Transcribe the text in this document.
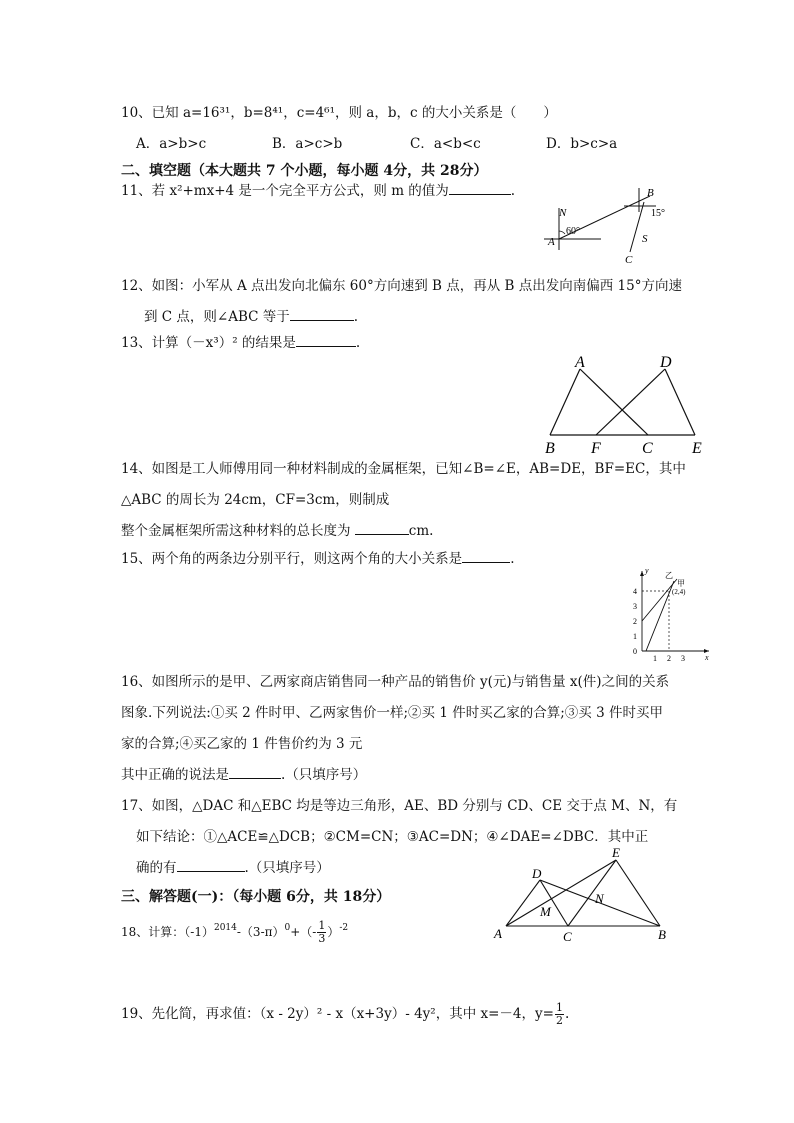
10、已知 a=16³¹，b=8⁴¹，c=4⁶¹，则 a，b，c 的大小关系是（　　）
A．a>b>c	B．a>c>b	C．a<b<c	D．b>c>a
二、填空题（本大题共 7 个小题，每小题 4分，共 28分）
11、若 x²+mx+4 是一个完全平方公式，则 m 的值为	.
N
60°
A
B
15°
S
C
12、如图：小军从 A 点出发向北偏东 60°方向速到 B 点，再从 B 点出发向南偏西 15°方向速
到 C 点，则∠ABC 等于	.
13、计算（－x³）² 的结果是	.
A	D
B F	C E
14、如图是工人师傅用同一种材料制成的金属框架，已知∠B=∠E，AB=DE，BF=EC，其中
△ABC 的周长为 24cm，CF=3cm，则制成
整个金属框架所需这种材料的总长度为	cm.
15、两个角的两条边分别平行，则这两个角的大小关系是	.
y
x
4
3
2
1
0
1 2 3
乙
甲
(2,4)
16、如图所示的是甲、乙两家商店销售同一种产品的销售价 y(元)与销售量 x(件)之间的关系
图象.下列说法:①买 2 件时甲、乙两家售价一样;②买 1 件时买乙家的合算;③买 3 件时买甲
家的合算;④买乙家的 1 件售价约为 3 元
其中正确的说法是	.（只填序号）
17、如图，△DAC 和△EBC 均是等边三角形，AE、BD 分别与 CD、CE 交于点 M、N，有
如下结论：①△ACE≌△DCB；②CM=CN；③AC=DN；④∠DAE=∠DBC．其中正
确的有	.（只填序号）	D
E
N
M
A	C	B
三、解答题(一)：（每小题 6分，共 18分）
18、计算：$(-1)^{2014}-(3-\pi)^0+(- \frac{1}{3} )^{-2}$
19、先化简，再求值：（x - 2y）² - x（x+3y）- 4y²，其中 x=－4，$y= \frac{1}{2}$ .
